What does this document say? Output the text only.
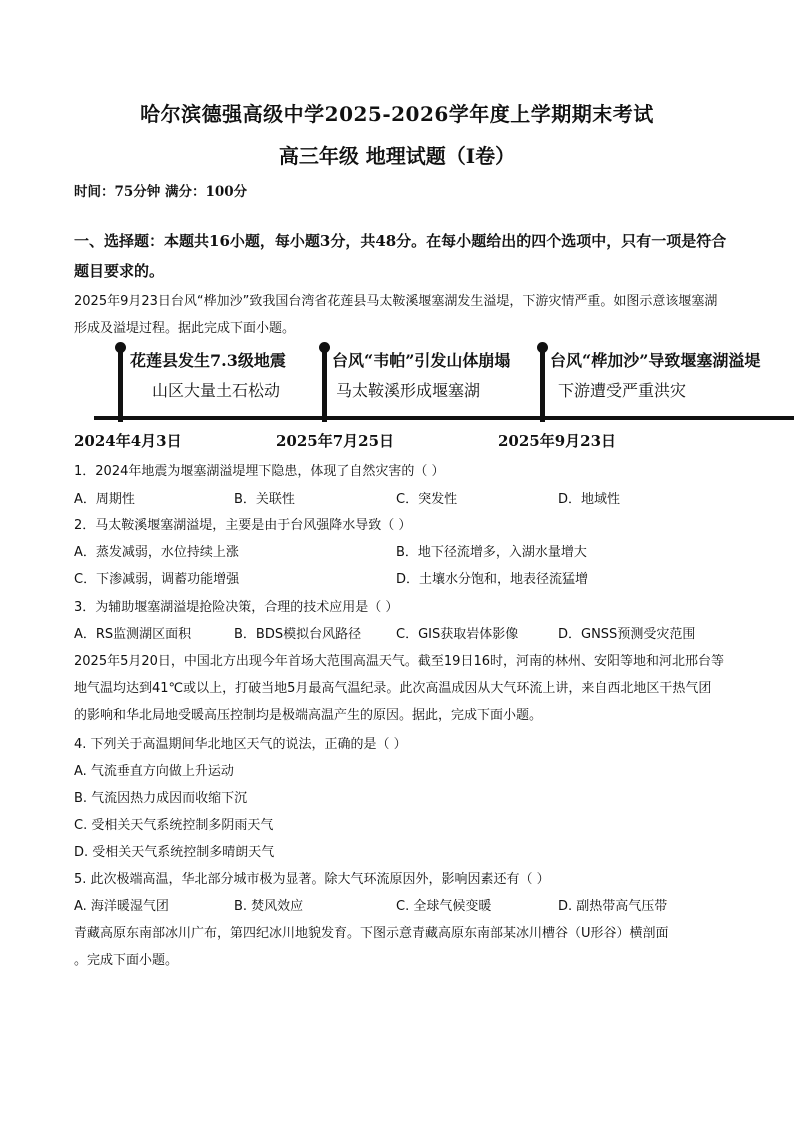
哈尔滨德强高级中学2025-2026学年度上学期期末考试
高三年级 地理试题（Ⅰ卷）
时间：75分钟 满分：100分
一、选择题：本题共16小题，每小题3分，共48分。在每小题给出的四个选项中，只有一项是符合题目要求的。
2025年9月23日台风“桦加沙”致我国台湾省花莲县马太鞍溪堰塞湖发生溢堤，下游灾情严重。如图示意该堰塞湖形成及溢堤过程。据此完成下面小题。
花莲县发生7.3级地震
山区大量土石松动
2024年4月3日
台风“韦帕”引发山体崩塌
马太鞍溪形成堰塞湖
2025年7月25日
台风“桦加沙”导致堰塞湖溢堤
下游遭受严重洪灾
2025年9月23日
1．2024年地震为堰塞湖溢堤埋下隐患，体现了自然灾害的（ ）
A．周期性	B．关联性	C．突发性	D．地域性
2．马太鞍溪堰塞湖溢堤，主要是由于台风强降水导致（ ）
A．蒸发减弱，水位持续上涨	B．地下径流增多，入湖水量增大
C．下渗减弱，调蓄功能增强	D．土壤水分饱和，地表径流猛增
3．为辅助堰塞湖溢堤抢险决策，合理的技术应用是（ ）
A．RS监测湖区面积	B．BDS模拟台风路径	C．GIS获取岩体影像	D．GNSS预测受灾范围
2025年5月20日，中国北方出现今年首场大范围高温天气。截至19日16时，河南的林州、安阳等地和河北邢台等地气温均达到41℃或以上，打破当地5月最高气温纪录。此次高温成因从大气环流上讲，来自西北地区干热气团的影响和华北局地受暖高压控制均是极端高温产生的原因。据此，完成下面小题。
4. 下列关于高温期间华北地区天气的说法，正确的是（ ）
A. 气流垂直方向做上升运动
B. 气流因热力成因而收缩下沉
C. 受相关天气系统控制多阴雨天气
D. 受相关天气系统控制多晴朗天气
5. 此次极端高温，华北部分城市极为显著。除大气环流原因外，影响因素还有（ ）
A. 海洋暖湿气团	B. 焚风效应	C. 全球气候变暖	D. 副热带高气压带
青藏高原东南部冰川广布，第四纪冰川地貌发育。下图示意青藏高原东南部某冰川槽谷（U形谷）横剖面
。完成下面小题。
